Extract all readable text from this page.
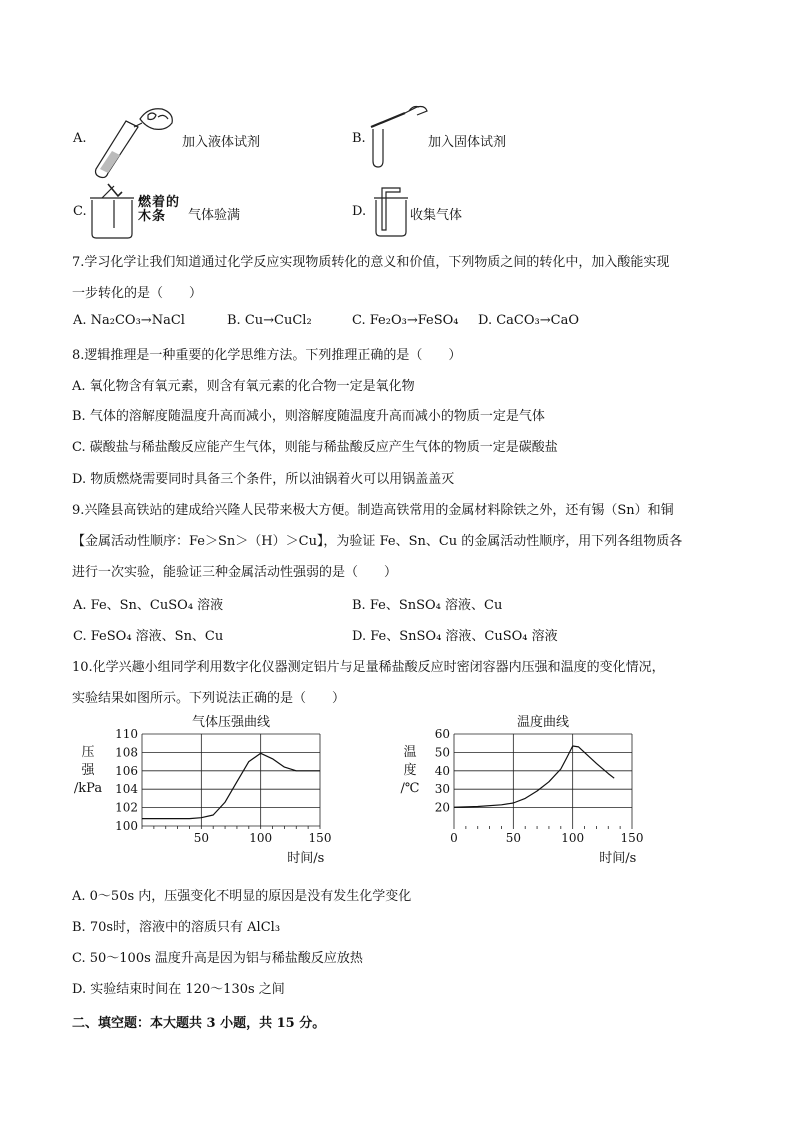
A.	加入液体试剂	B.	加入固体试剂
C.
燃着的木条	气体验满	D.	收集气体
7.学习化学让我们知道通过化学反应实现物质转化的意义和价值，下列物质之间的转化中，加入酸能实现
一步转化的是（　　）
A. Na₂CO₃→NaCl	B. Cu→CuCl₂	C. Fe₂O₃→FeSO₄ D. CaCO₃→CaO
8.逻辑推理是一种重要的化学思维方法。下列推理正确的是（　　）
A. 氧化物含有氧元素，则含有氧元素的化合物一定是氧化物
B. 气体的溶解度随温度升高而减小，则溶解度随温度升高而减小的物质一定是气体
C. 碳酸盐与稀盐酸反应能产生气体，则能与稀盐酸反应产生气体的物质一定是碳酸盐
D. 物质燃烧需要同时具备三个条件，所以油锅着火可以用锅盖盖灭
9.兴隆县高铁站的建成给兴隆人民带来极大方便。制造高铁常用的金属材料除铁之外，还有锡（Sn）和铜
【金属活动性顺序：Fe＞Sn＞（H）＞Cu】，为验证 Fe、Sn、Cu 的金属活动性顺序，用下列各组物质各
进行一次实验，能验证三种金属活动性强弱的是（　　）
A. Fe、Sn、CuSO₄ 溶液	B. Fe、SnSO₄ 溶液、Cu
C. FeSO₄ 溶液、Sn、Cu	D. Fe、SnSO₄ 溶液、CuSO₄ 溶液
10.化学兴趣小组同学利用数字化仪器测定铝片与足量稀盐酸反应时密闭容器内压强和温度的变化情况，
实验结果如图所示。下列说法正确的是（　　）
气体压强曲线
100
102
104
106
108
110
50	100	150
压
强
/kPa
时间/s
温度曲线
20
30
40
50
60
0	50	100	150
温
度
/℃
时间/s
A. 0～50s 内，压强变化不明显的原因是没有发生化学变化
B. 70s时，溶液中的溶质只有 AlCl₃
C. 50～100s 温度升高是因为铝与稀盐酸反应放热
D. 实验结束时间在 120～130s 之间
二、填空题：本大题共 3 小题，共 15 分。
